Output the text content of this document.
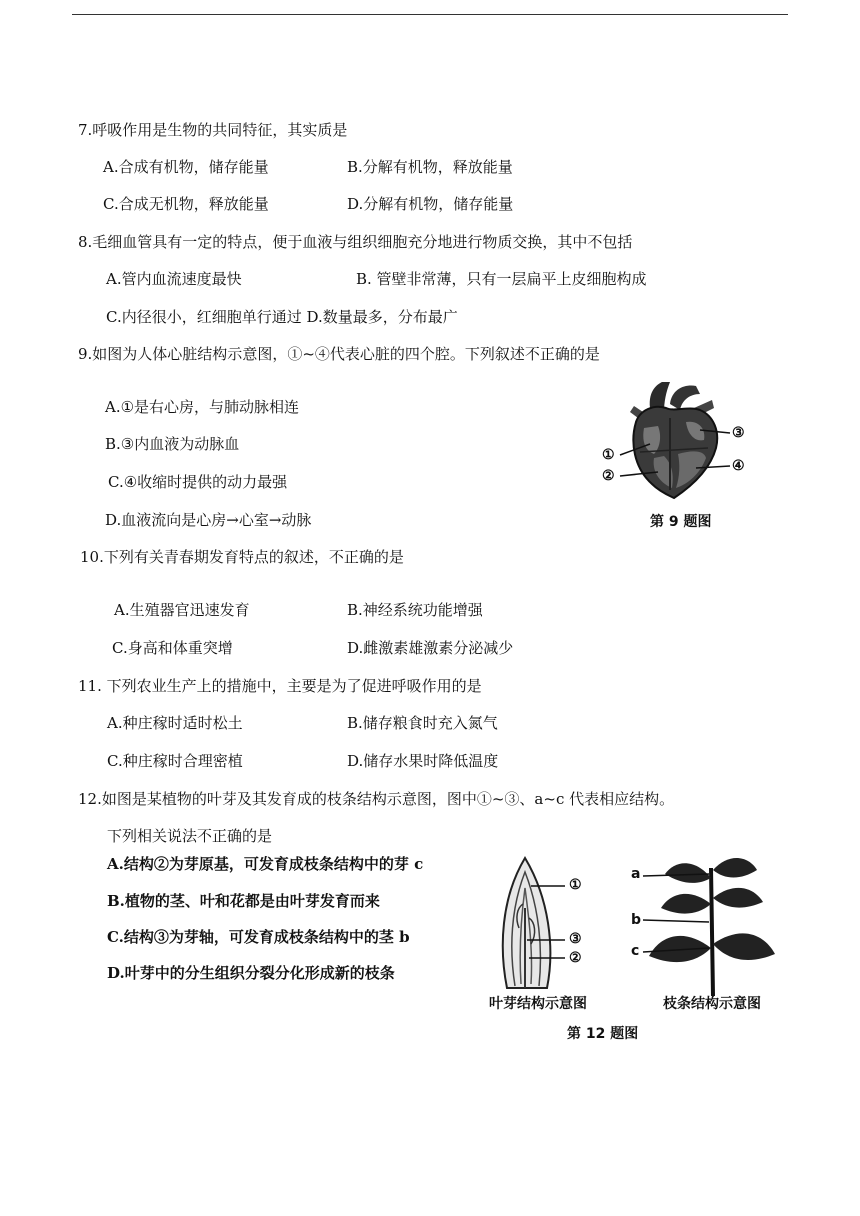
7.呼吸作用是生物的共同特征，其实质是
A.合成有机物，储存能量	B.分解有机物，释放能量
C.合成无机物，释放能量	D.分解有机物，储存能量
8.毛细血管具有一定的特点，便于血液与组织细胞充分地进行物质交换，其中不包括
A.管内血流速度最快	B. 管壁非常薄，只有一层扁平上皮细胞构成
C.内径很小，红细胞单行通过 D.数量最多，分布最广
9.如图为人体心脏结构示意图，①~④代表心脏的四个腔。下列叙述不正确的是
A.①是右心房，与肺动脉相连
B.③内血液为动脉血
C.④收缩时提供的动力最强
D.血液流向是心房→心室→动脉
①
②
③
④
第 9 题图
10.下列有关青春期发育特点的叙述，不正确的是
A.生殖器官迅速发育	B.神经系统功能增强
C.身高和体重突增	D.雌激素雄激素分泌减少
11. 下列农业生产上的措施中，主要是为了促进呼吸作用的是
A.种庄稼时适时松土	B.储存粮食时充入氮气
C.种庄稼时合理密植	D.储存水果时降低温度
12.如图是某植物的叶芽及其发育成的枝条结构示意图，图中①~③、a~c 代表相应结构。
下列相关说法不正确的是
A.结构②为芽原基，可发育成枝条结构中的芽 c
B.植物的茎、叶和花都是由叶芽发育而来
C.结构③为芽轴，可发育成枝条结构中的茎 b
D.叶芽中的分生组织分裂分化形成新的枝条
①
③
②
a
b
c
叶芽结构示意图	枝条结构示意图
第 12 题图
